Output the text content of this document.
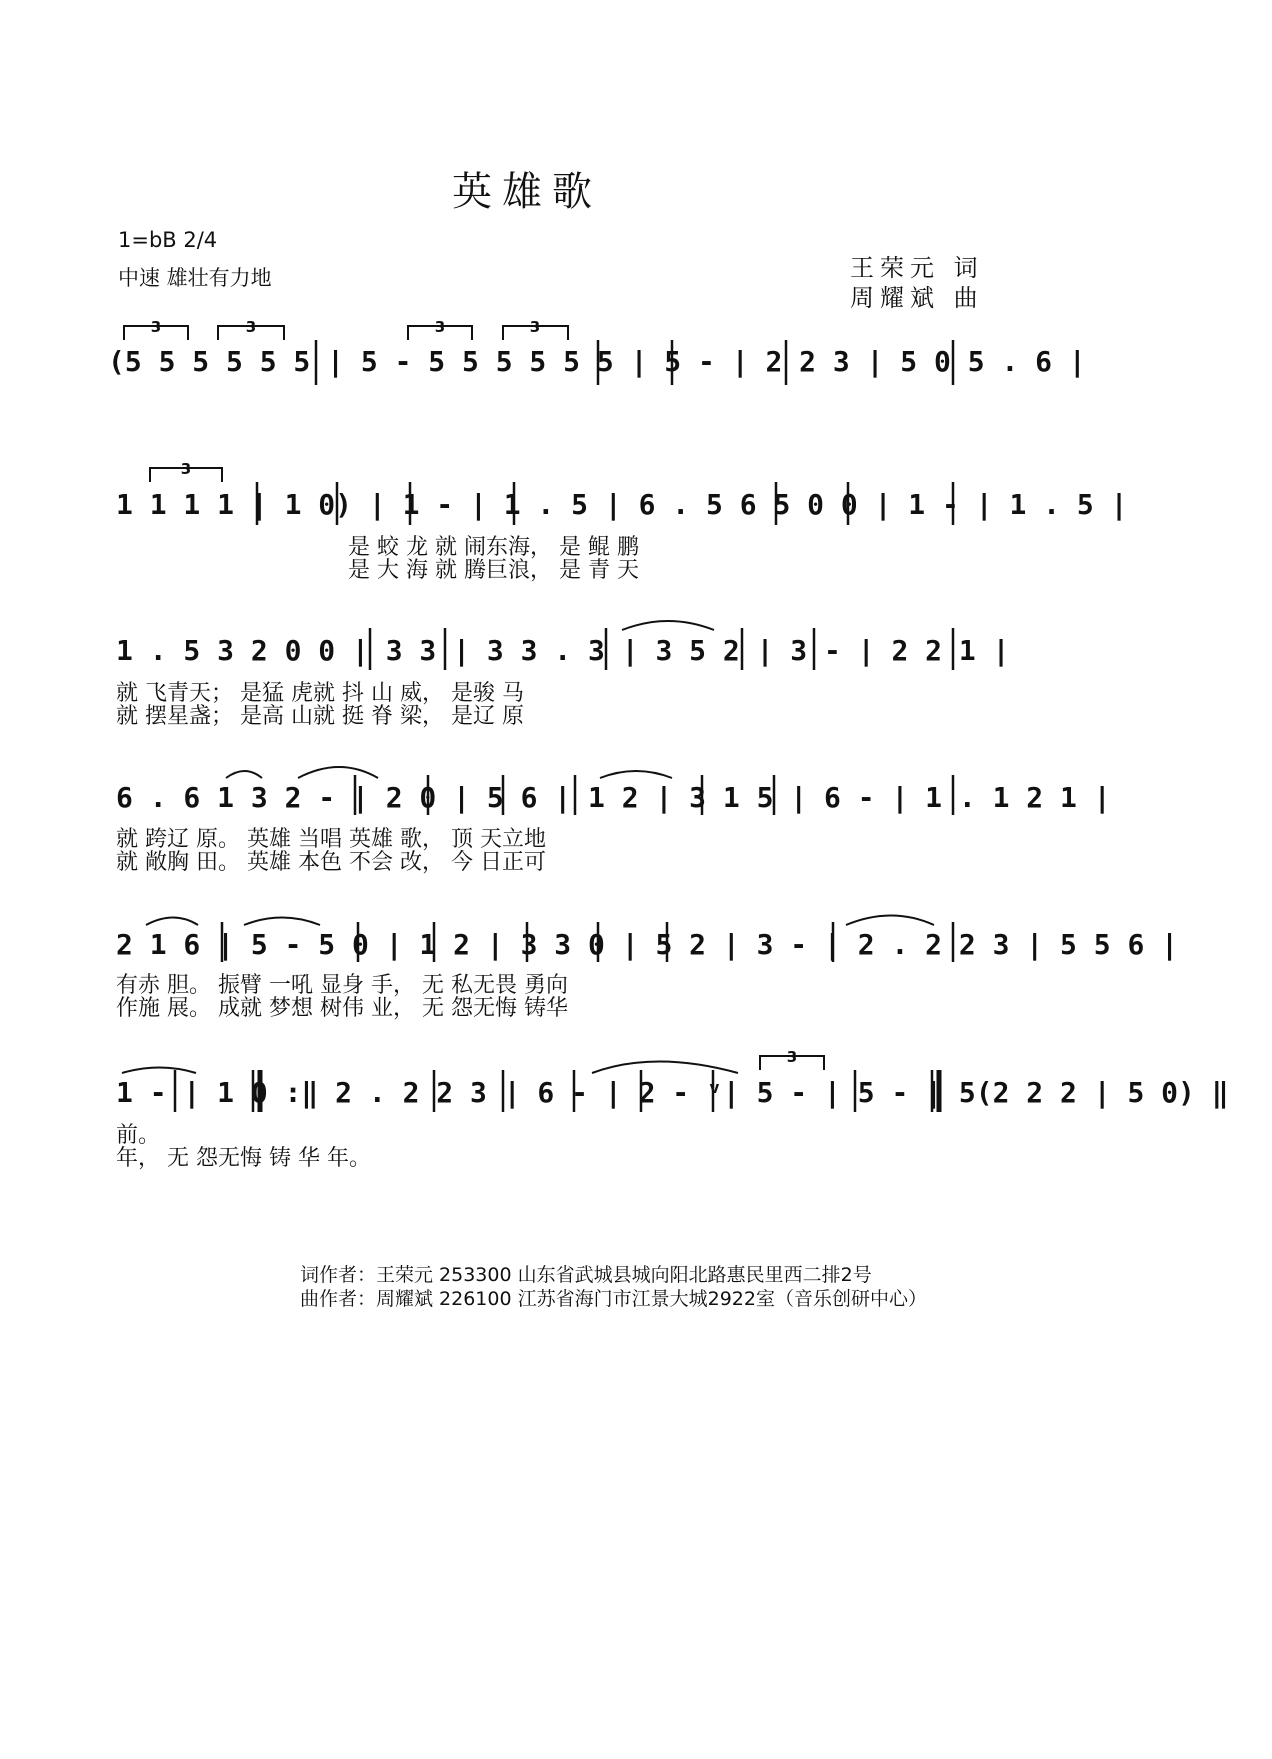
英雄歌
1=bB 2/4
中速 雄壮有力地	王荣元 词
周耀斌 曲
3	3	3	3
3
3
(5 5 5 5 5 5 | 5 - 5 5 5 5 5 5 | 5 - | 2 2 3 | 5 0 5 . 6 |
1 1 1 1 | 1 0) | 1 - | 1 . 5 | 6 . 5 6 5 0 0 | 1 - | 1 . 5 |
是 蛟 龙 就 闹东海， 是 鲲 鹏
是 大 海 就 腾巨浪， 是 青 天
1 . 5 3 2 0 0 | 3 3 | 3 3 . 3 | 3 5 2 | 3 - | 2 2 1 |
就 飞青天； 是猛 虎就 抖 山 威， 是骏 马
就 摆星盏； 是高 山就 挺 脊 梁， 是辽 原
6 . 6 1 3 2 - | 2 0 | 5 6 | 1 2 | 3 1 5 | 6 - | 1 . 1 2 1 |
就 跨辽 原。 英雄 当唱 英雄 歌， 顶 天立地
就 敞胸 田。 英雄 本色 不会 改， 今 日正可
2 1 6 | 5 - 5 0 | 1 2 | 3 3 0 | 5 2 | 3 - | 2 . 2 2 3 | 5 5 6 |
有赤 胆。 振臂 一吼 显身 手， 无 私无畏 勇向
作施 展。 成就 梦想 树伟 业， 无 怨无悔 铸华
1 - | 1 0 :‖ 2 . 2 2 3 | 6 - | 2 - ᵛ| 5 - | 5 - | 5(2 2 2 | 5 0) ‖
前。
年， 无 怨无悔 铸 华 年。
词作者：王荣元 253300 山东省武城县城向阳北路惠民里西二排2号
曲作者：周耀斌 226100 江苏省海门市江景大城2922室（音乐创研中心）
